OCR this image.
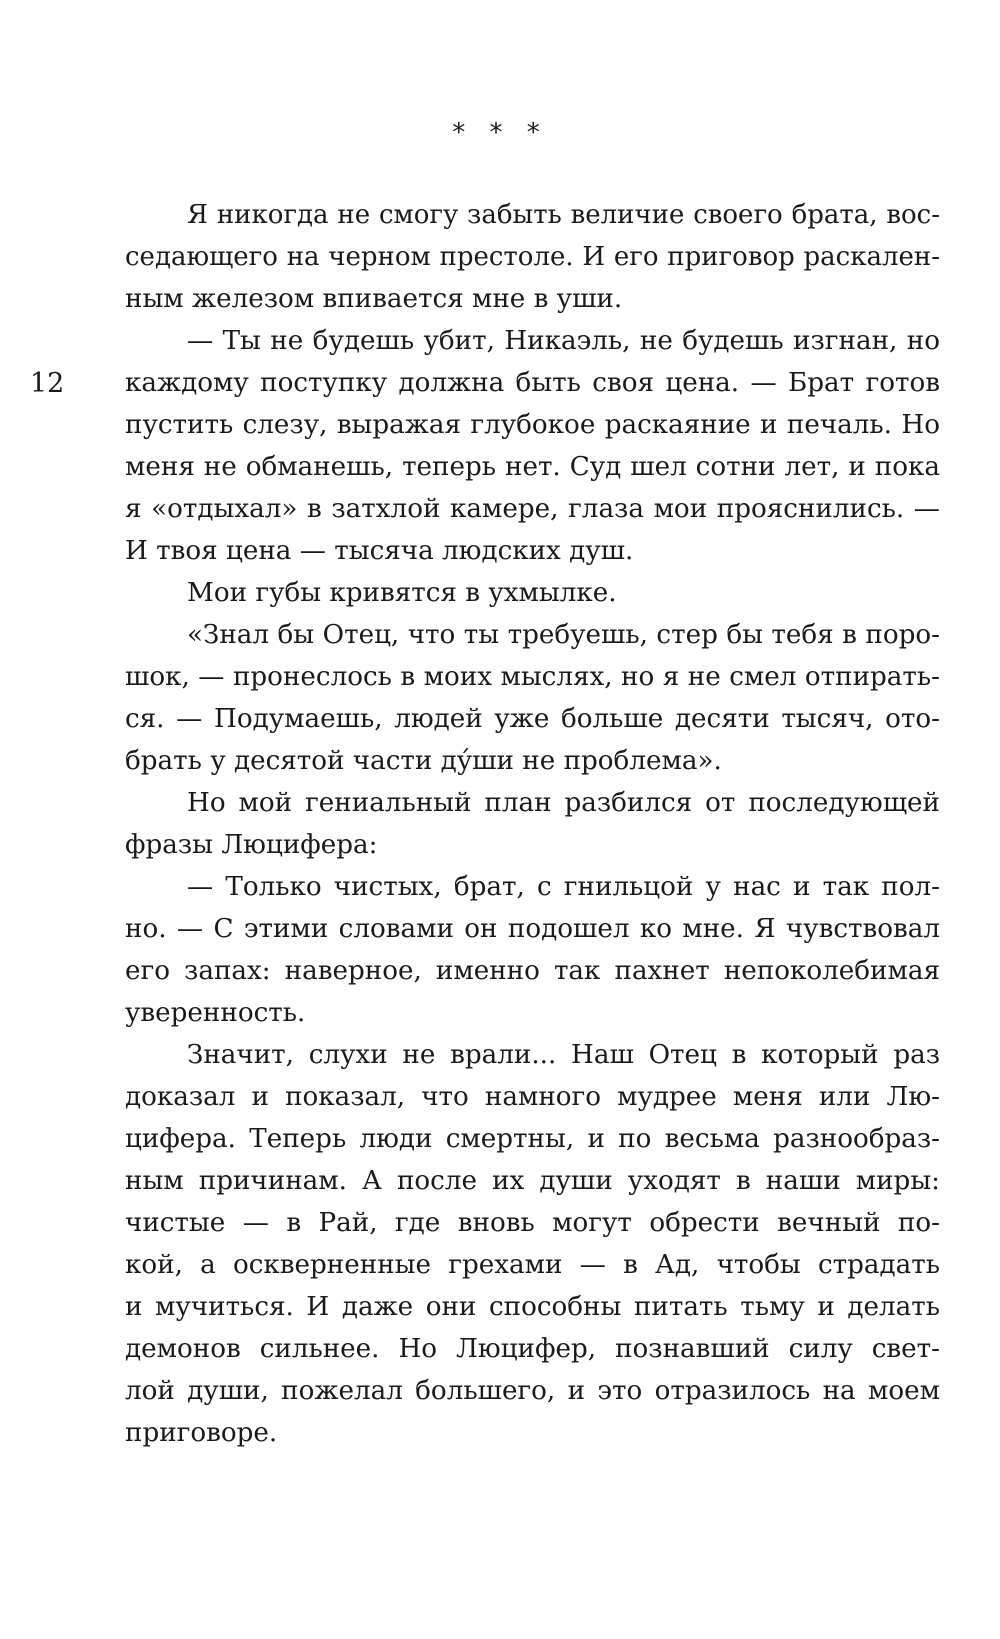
* * *
12
Я никогда не смогу забыть величие своего брата, вос-
седающего на черном престоле. И его приговор раскален-
ным железом впивается мне в уши.
— Ты не будешь убит, Никаэль, не будешь изгнан, но
каждому поступку должна быть своя цена. — Брат готов
пустить слезу, выражая глубокое раскаяние и печаль. Но
меня не обманешь, теперь нет. Суд шел сотни лет, и пока
я «отдыхал» в затхлой камере, глаза мои прояснились. —
И твоя цена — тысяча людских душ.
Мои губы кривятся в ухмылке.
«Знал бы Отец, что ты требуешь, стер бы тебя в поро-
шок, — пронеслось в моих мыслях, но я не смел отпирать-
ся. — Подумаешь, людей уже больше десяти тысяч, ото-
брать у десятой части ду́ши не проблема».
Но мой гениальный план разбился от последующей
фразы Люцифера:
— Только чистых, брат, с гнильцой у нас и так пол-
но. — С этими словами он подошел ко мне. Я чувствовал
его запах: наверное, именно так пахнет непоколебимая
уверенность.
Значит, слухи не врали... Наш Отец в который раз
доказал и показал, что намного мудрее меня или Лю-
цифера. Теперь люди смертны, и по весьма разнообраз-
ным причинам. А после их души уходят в наши миры:
чистые — в Рай, где вновь могут обрести вечный по-
кой, а оскверненные грехами — в Ад, чтобы страдать
и мучиться. И даже они способны питать тьму и делать
демонов сильнее. Но Люцифер, познавший силу свет-
лой души, пожелал большего, и это отразилось на моем
приговоре.
